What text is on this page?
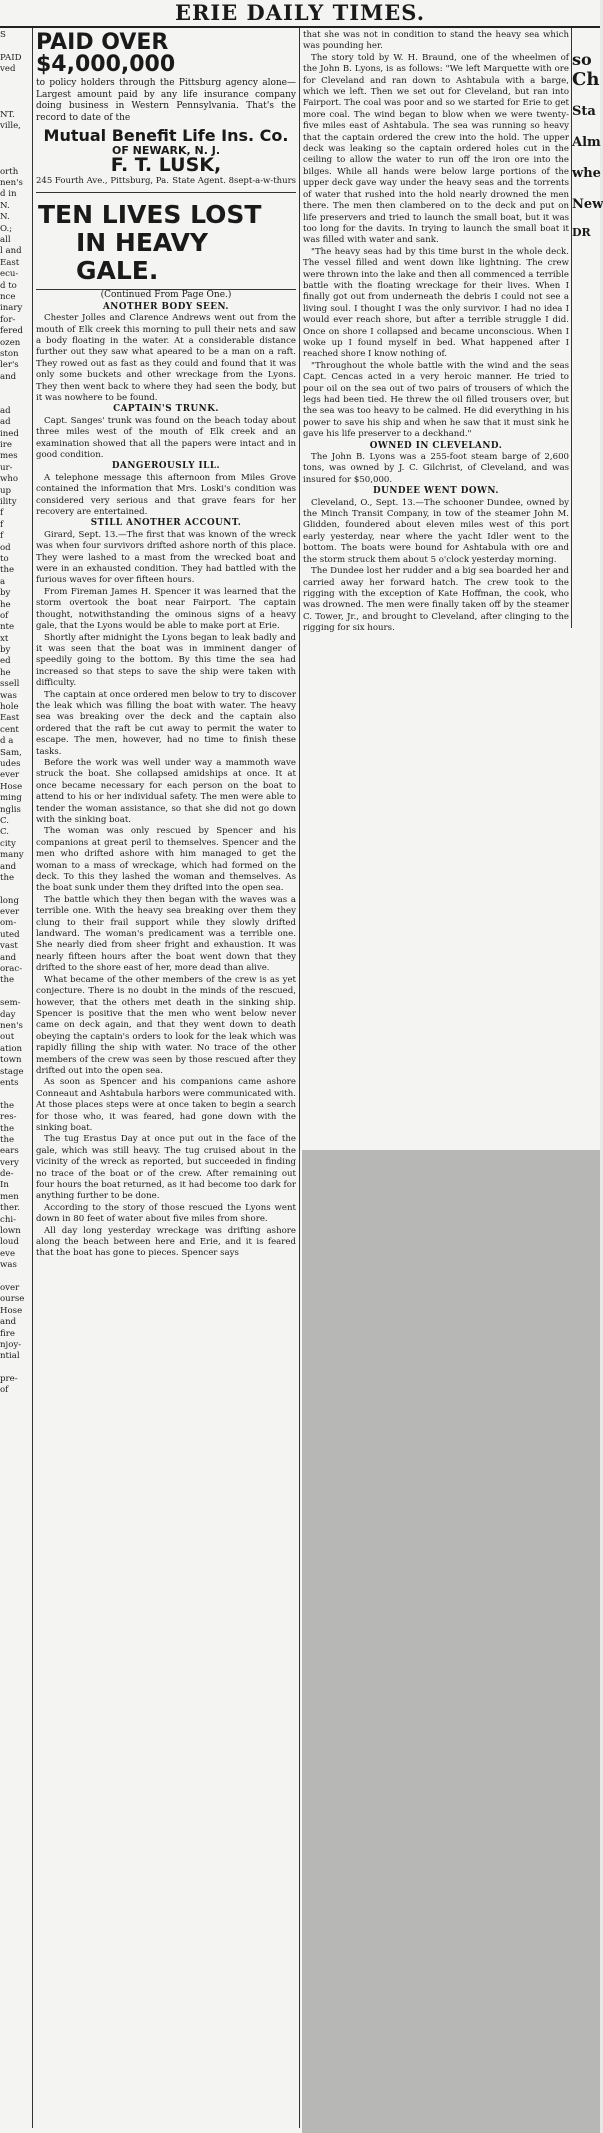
ERIE DAILY TIMES.
S
PAID
ved
NT.
ville,
orth
nen's
d in
N.
N.
O.;
all
l and
East
ecu-
d to
nce
inary
for-
fered
ozen
ston
ler's
and
ad
ad
ined
ire
mes
ur-
who
up
ility
f
f
f
od
to
the
a
by
he
of
nte
xt
by
ed
he
ssell
was
hole
East
cent
d a
Sam,
udes
ever
Hose
ming
nglis
C.
C.
city
many
and
the
long
ever
om-
uted
vast
and
orac-
the
sem-
day
nen's
out
ation
town
stage
ents
the
res-
the
the
ears
very
de-
In
men
ther.
chi-
lown
loud
eve
was
over
ourse
Hose
and
fire
njoy-
ntial
pre-
of
PAID OVER
$4,000,000
to policy holders through the Pittsburg agency alone— Largest amount paid by any life insurance company doing business in Western Pennsylvania. That's the record to date of the
Mutual Benefit Life Ins. Co.
OF NEWARK, N. J.
F. T. LUSK,
245 Fourth Ave., Pittsburg, Pa. State Agent. 8sept-a-w-thurs
TEN LIVES LOST
IN HEAVY GALE.

(Continued From Page One.)

ANOTHER BODY SEEN.

Chester Jolles and Clarence Andrews went out from the mouth of Elk creek this morning to pull their nets and saw a body floating in the water. At a considerable distance further out they saw what apeared to be a man on a raft. They rowed out as fast as they could and found that it was only some buckets and other wreckage from the Lyons. They then went back to where they had seen the body, but it was nowhere to be found.

CAPTAIN'S TRUNK.

Capt. Sanges' trunk was found on the beach today about three miles west of the mouth of Elk creek and an examination showed that all the papers were intact and in good condition.

DANGEROUSLY ILL.

A telephone message this afternoon from Miles Grove contained the information that Mrs. Loski's condition was considered very serious and that grave fears for her recovery are entertained.

STILL ANOTHER ACCOUNT.

Girard, Sept. 13.—The first that was known of the wreck was when four survivors drifted ashore north of this place. They were lashed to a mast from the wrecked boat and were in an exhausted condition. They had battled with the furious waves for over fifteen hours.

From Fireman James H. Spencer it was learned that the storm overtook the boat near Fairport. The captain thought, notwithstanding the ominous signs of a heavy gale, that the Lyons would be able to make port at Erie.

Shortly after midnight the Lyons began to leak badly and it was seen that the boat was in imminent danger of speedily going to the bottom. By this time the sea had increased so that steps to save the ship were taken with difficulty.

The captain at once ordered men below to try to discover the leak which was filling the boat with water. The heavy sea was breaking over the deck and the captain also ordered that the raft be cut away to permit the water to escape. The men, however, had no time to finish these tasks.

Before the work was well under way a mammoth wave struck the boat. She collapsed amidships at once. It at once became necessary for each person on the boat to attend to his or her individual safety. The men were able to tender the woman assistance, so that she did not go down with the sinking boat.

The woman was only rescued by Spencer and his companions at great peril to themselves. Spencer and the men who drifted ashore with him managed to get the woman to a mass of wreckage, which had formed on the deck. To this they lashed the woman and themselves. As the boat sunk under them they drifted into the open sea.

The battle which they then began with the waves was a terrible one. With the heavy sea breaking over them they clung to their frail support while they slowly drifted landward. The woman's predicament was a terrible one. She nearly died from sheer fright and exhaustion. It was nearly fifteen hours after the boat went down that they drifted to the shore east of her, more dead than alive.

What became of the other members of the crew is as yet conjecture. There is no doubt in the minds of the rescued, however, that the others met death in the sinking ship. Spencer is positive that the men who went below never came on deck again, and that they went down to death obeying the captain's orders to look for the leak which was rapidly filling the ship with water. No trace of the other members of the crew was seen by those rescued after they drifted out into the open sea.

As soon as Spencer and his companions came ashore Conneaut and Ashtabula harbors were communicated with. At those places steps were at once taken to begin a search for those who, it was feared, had gone down with the sinking boat.

The tug Erastus Day at once put out in the face of the gale, which was still heavy. The tug cruised about in the vicinity of the wreck as reported, but succeeded in finding no trace of the boat or of the crew. After remaining out four hours the boat returned, as it had become too dark for anything further to be done.

According to the story of those rescued the Lyons went down in 80 feet of water about five miles from shore.

All day long yesterday wreckage was drifting ashore along the beach between here and Erie, and it is feared that the boat has gone to pieces. Spencer says

that she was not in condition to stand the heavy sea which was pounding her.

The story told by W. H. Braund, one of the wheelmen of the John B. Lyons, is as follows: "We left Marquette with ore for Cleveland and ran down to Ashtabula with a barge, which we left. Then we set out for Cleveland, but ran into Fairport. The coal was poor and so we started for Erie to get more coal. The wind began to blow when we were twenty-five miles east of Ashtabula. The sea was running so heavy that the captain ordered the crew into the hold. The upper deck was leaking so the captain ordered holes cut in the ceiling to allow the water to run off the iron ore into the bilges. While all hands were below large portions of the upper deck gave way under the heavy seas and the torrents of water that rushed into the hold nearly drowned the men there. The men then clambered on to the deck and put on life preservers and tried to launch the small boat, but it was too long for the davits. In trying to launch the small boat it was filled with water and sank.

"The heavy seas had by this time burst in the whole deck. The vessel filled and went down like lightning. The crew were thrown into the lake and then all commenced a terrible battle with the floating wreckage for their lives. When I finally got out from underneath the debris I could not see a living soul. I thought I was the only survivor. I had no idea I would ever reach shore, but after a terrible struggle I did. Once on shore I collapsed and became unconscious. When I woke up I found myself in bed. What happened after I reached shore I know nothing of.

"Throughout the whole battle with the wind and the seas Capt. Cencas acted in a very heroic manner. He tried to pour oil on the sea out of two pairs of trousers of which the legs had been tied. He threw the oil filled trousers over, but the sea was too heavy to be calmed. He did everything in his power to save his ship and when he saw that it must sink he gave his life preserver to a deckhand."

OWNED IN CLEVELAND.

The John B. Lyons was a 255-foot steam barge of 2,600 tons, was owned by J. C. Gilchrist, of Cleveland, and was insured for $50,000.

DUNDEE WENT DOWN.

Cleveland, O., Sept. 13.—The schooner Dundee, owned by the Minch Transit Company, in tow of the steamer John M. Glidden, foundered about eleven miles west of this port early yesterday, near where the yacht Idler went to the bottom. The boats were bound for Ashtabula with ore and the storm struck them about 5 o'clock yesterday morning.

The Dundee lost her rudder and a big sea boarded her and carried away her forward hatch. The crew took to the rigging with the exception of Kate Hoffman, the cook, who was drowned. The men were finally taken off by the steamer C. Tower, Jr., and brought to Cleveland, after clinging to the rigging for six hours.

so
Ch
Sta
Alm
whe
New
DR
